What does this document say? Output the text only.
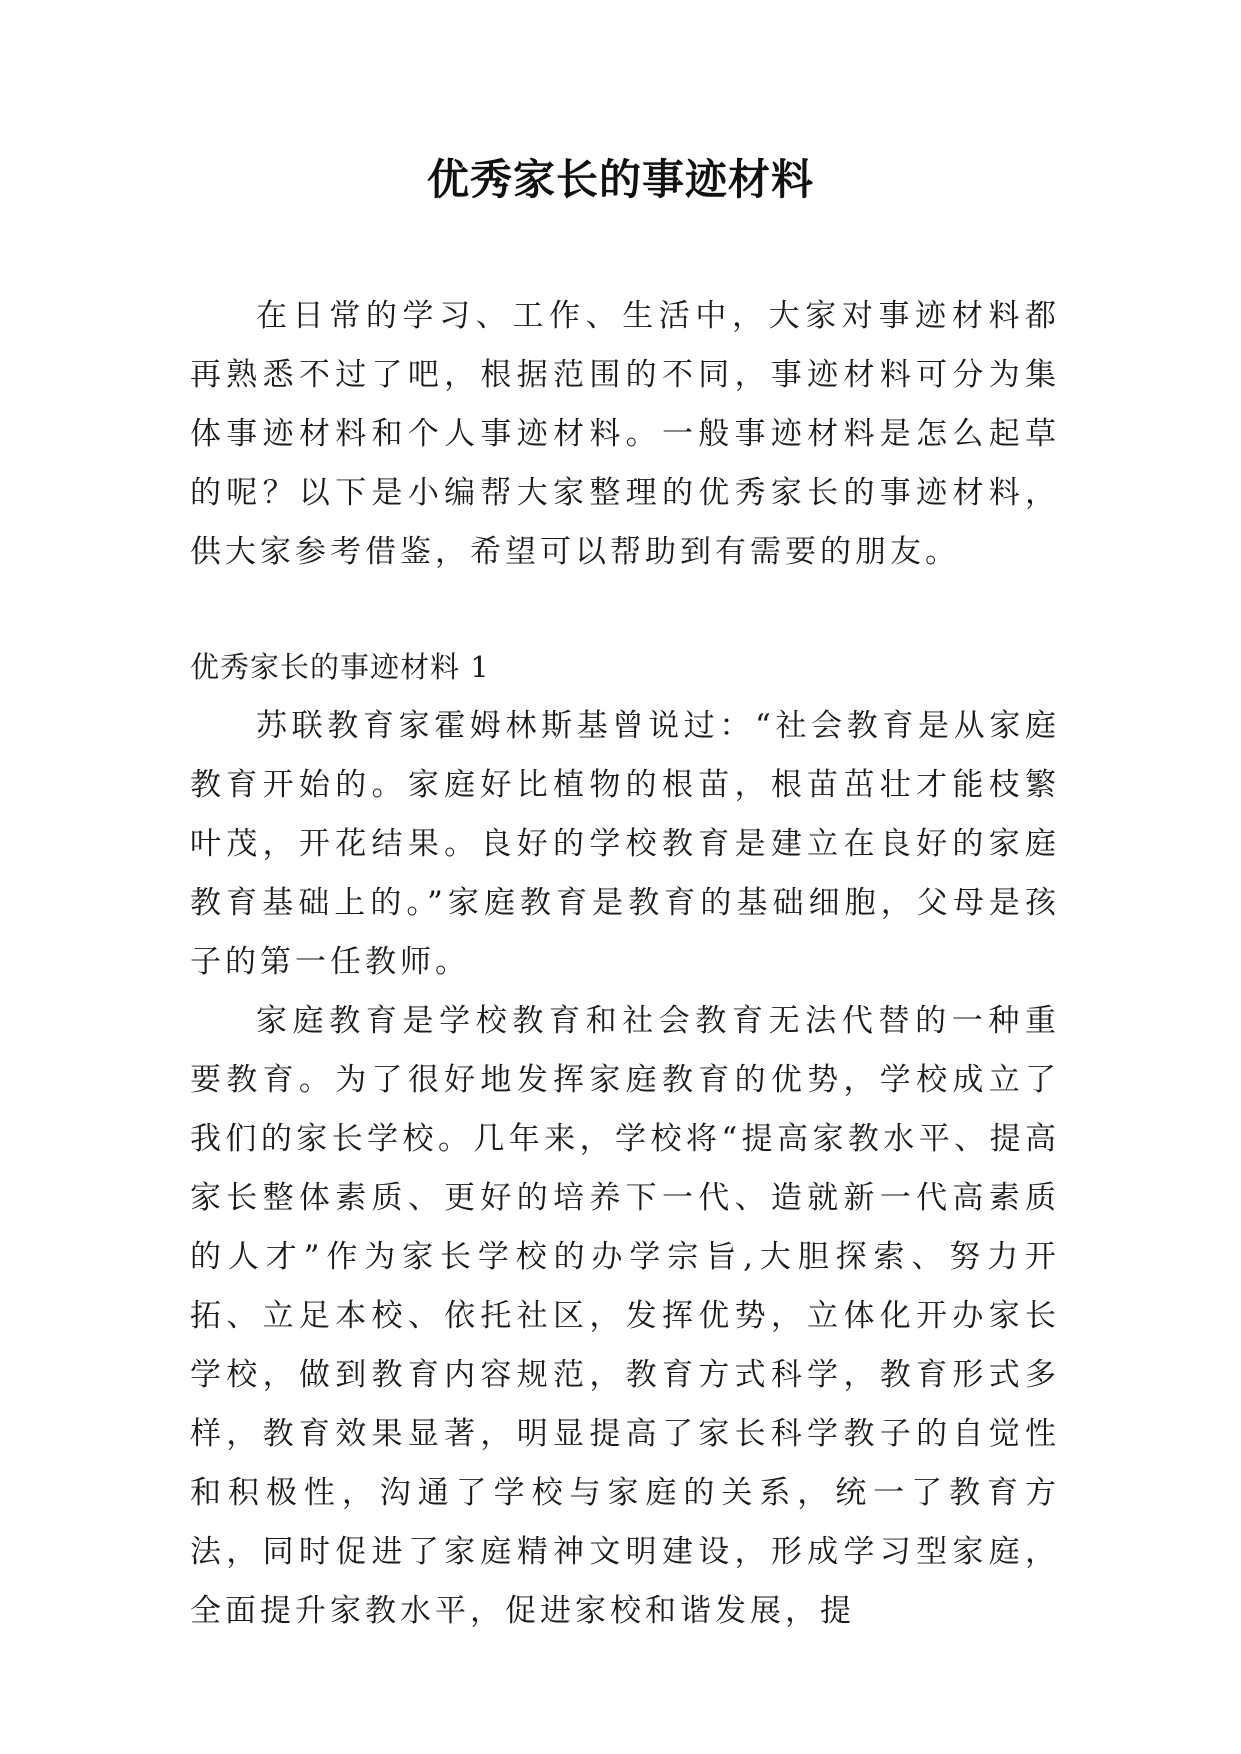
优秀家长的事迹材料

在日常的学习、工作、生活中，大家对事迹材料都再熟悉不过了吧，根据范围的不同，事迹材料可分为集体事迹材料和个人事迹材料。一般事迹材料是怎么起草的呢？以下是小编帮大家整理的优秀家长的事迹材料，供大家参考借鉴，希望可以帮助到有需要的朋友。

优秀家长的事迹材料 1

苏联教育家霍姆林斯基曾说过：“社会教育是从家庭教育开始的。家庭好比植物的根苗，根苗茁壮才能枝繁叶茂，开花结果。良好的学校教育是建立在良好的家庭教育基础上的。”家庭教育是教育的基础细胞，父母是孩子的第一任教师。

家庭教育是学校教育和社会教育无法代替的一种重要教育。为了很好地发挥家庭教育的优势，学校成立了我们的家长学校。几年来，学校将“提高家教水平、提高家长整体素质、更好的培养下一代、造就新一代高素质的人才”作为家长学校的办学宗旨,大胆探索、努力开拓、立足本校、依托社区，发挥优势，立体化开办家长学校，做到教育内容规范，教育方式科学，教育形式多样，教育效果显著，明显提高了家长科学教子的自觉性和积极性，沟通了学校与家庭的关系，统一了教育方法，同时促进了家庭精神文明建设，形成学习型家庭，全面提升家教水平，促进家校和谐发展，提
